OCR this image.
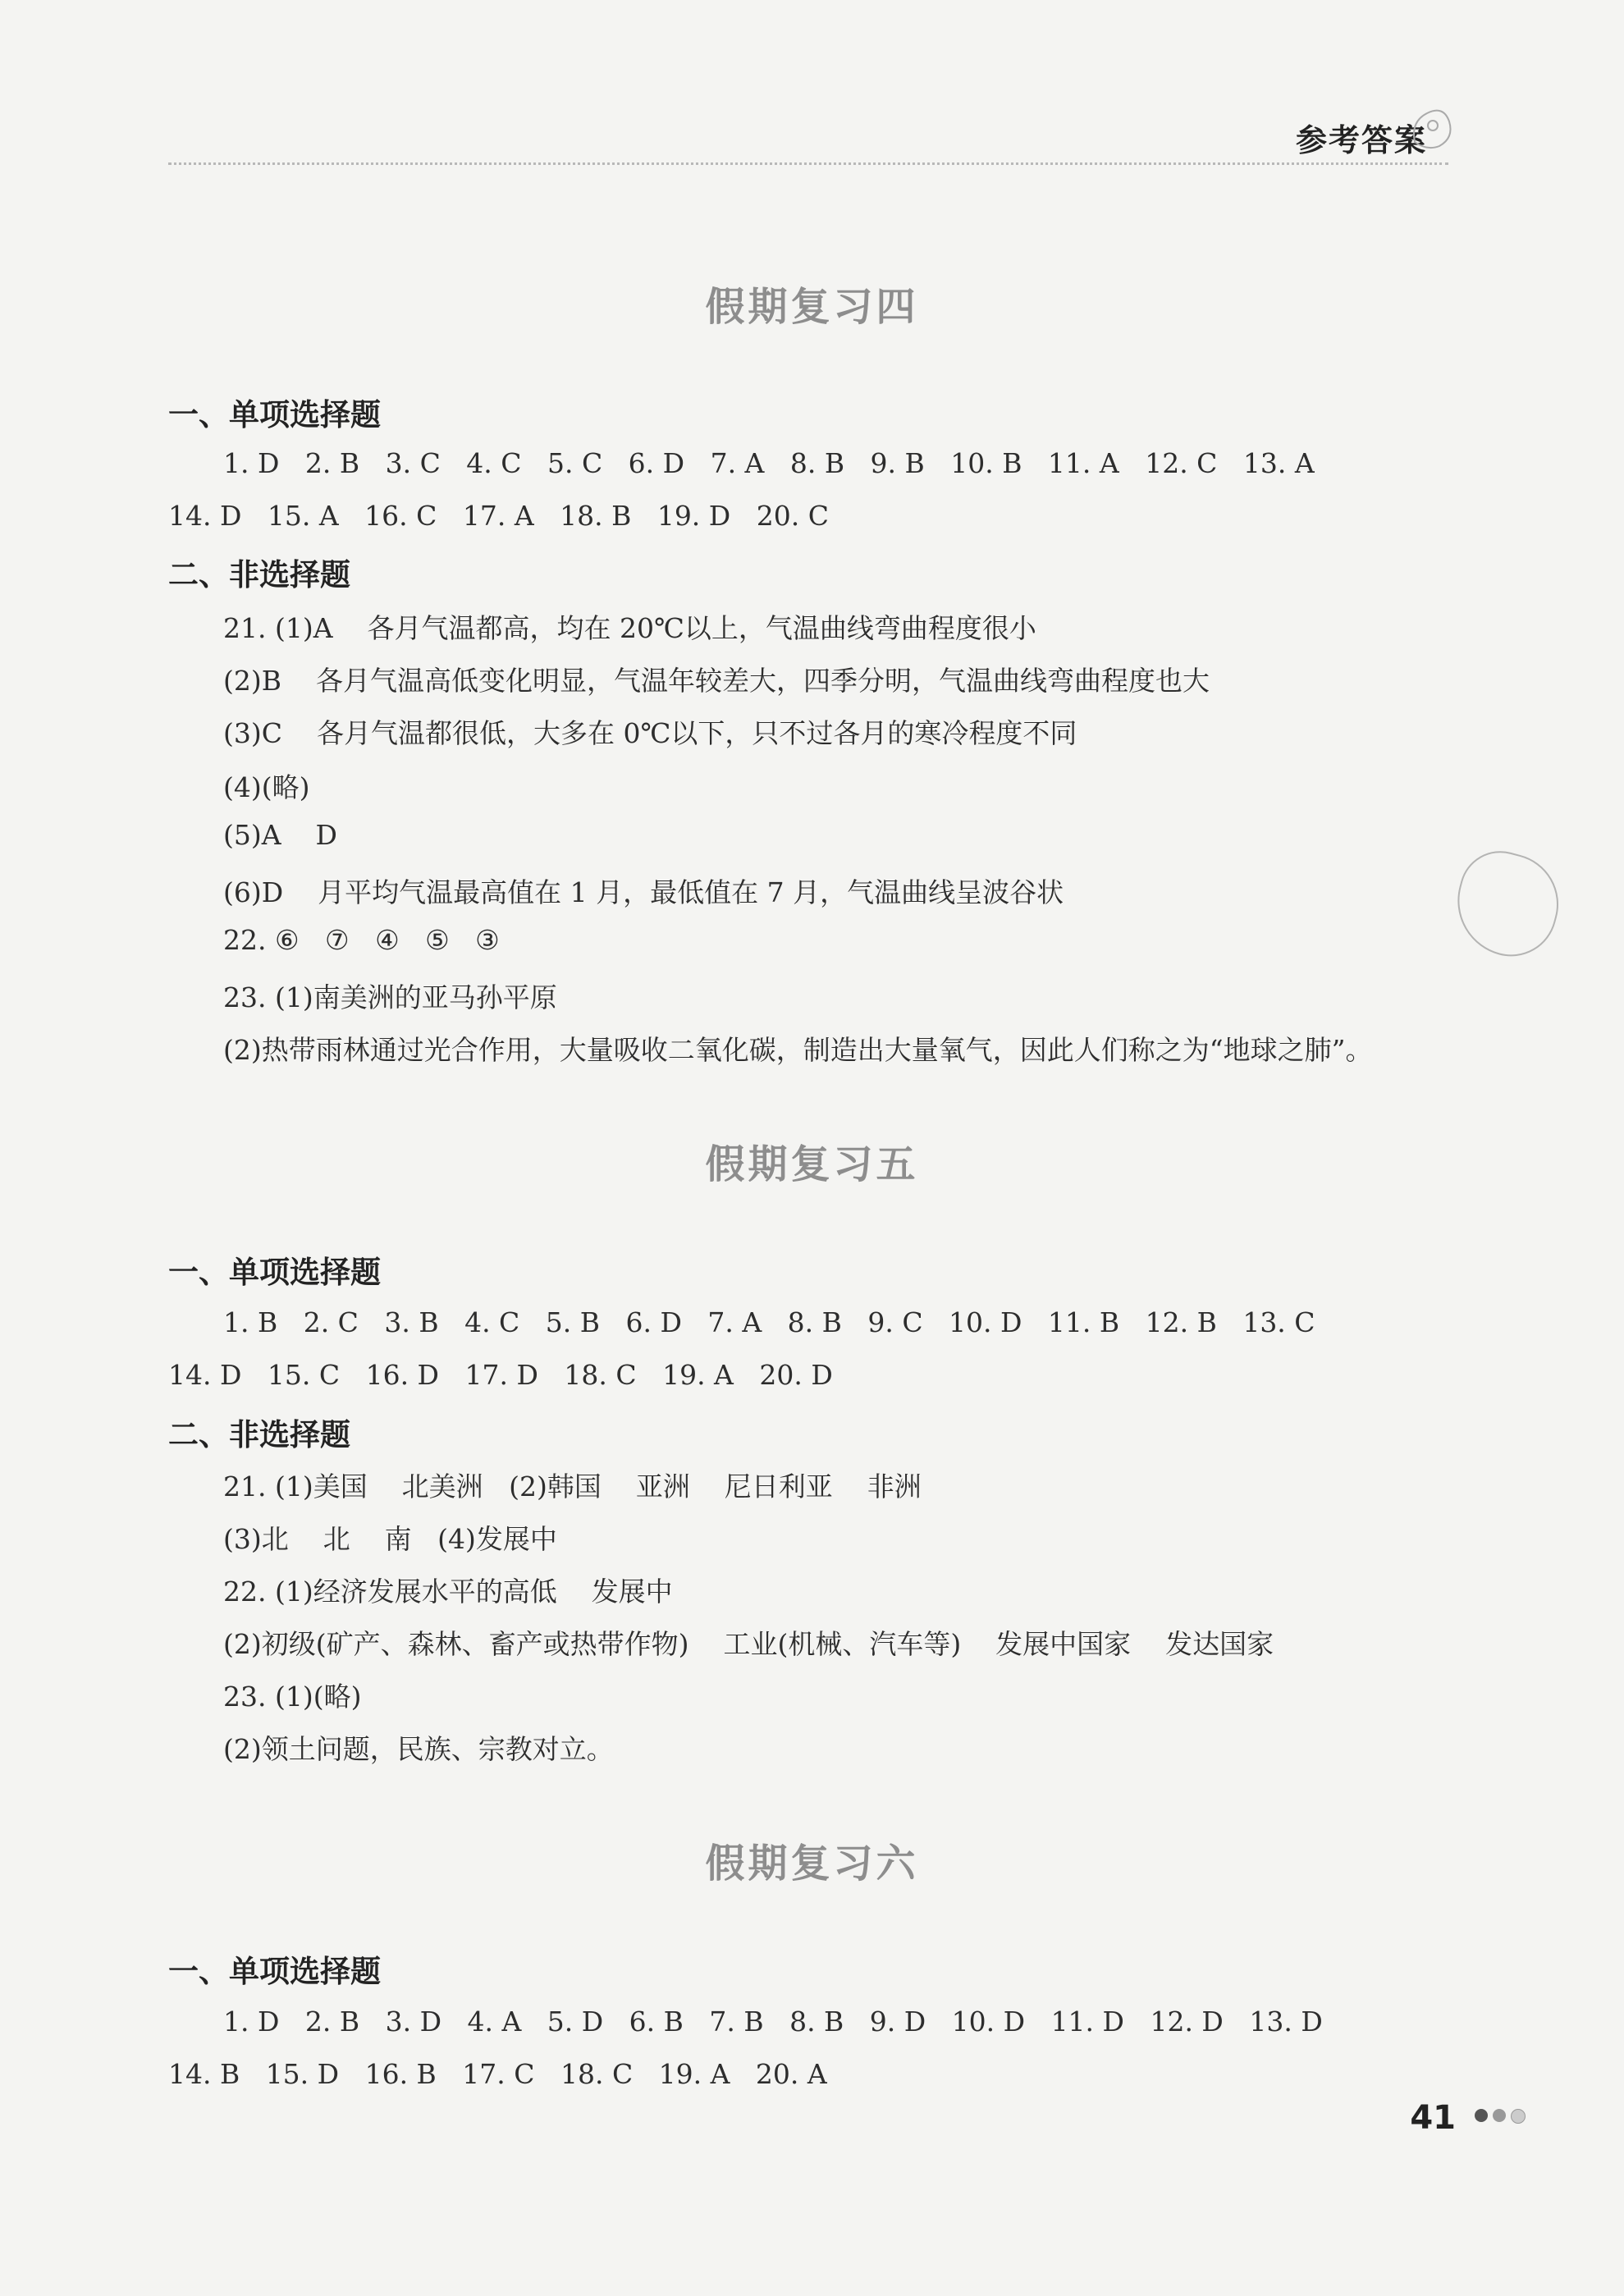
参考答案
假期复习四
一、单项选择题
1. D   2. B   3. C   4. C   5. C   6. D   7. A   8. B   9. B   10. B   11. A   12. C   13. A
14. D   15. A   16. C   17. A   18. B   19. D   20. C
二、非选择题
21. (1)A    各月气温都高，均在 20℃以上，气温曲线弯曲程度很小
(2)B    各月气温高低变化明显，气温年较差大，四季分明，气温曲线弯曲程度也大
(3)C    各月气温都很低，大多在 0℃以下，只不过各月的寒冷程度不同
(4)(略)
(5)A    D
(6)D    月平均气温最高值在 1 月，最低值在 7 月，气温曲线呈波谷状
22. ⑥   ⑦   ④   ⑤   ③
23. (1)南美洲的亚马孙平原
(2)热带雨林通过光合作用，大量吸收二氧化碳，制造出大量氧气，因此人们称之为“地球之肺”。
假期复习五
一、单项选择题
1. B   2. C   3. B   4. C   5. B   6. D   7. A   8. B   9. C   10. D   11. B   12. B   13. C
14. D   15. C   16. D   17. D   18. C   19. A   20. D
二、非选择题
21. (1)美国    北美洲   (2)韩国    亚洲    尼日利亚    非洲
(3)北    北    南   (4)发展中
22. (1)经济发展水平的高低    发展中
(2)初级(矿产、森林、畜产或热带作物)    工业(机械、汽车等)    发展中国家    发达国家
23. (1)(略)
(2)领土问题，民族、宗教对立。
假期复习六
一、单项选择题
1. D   2. B   3. D   4. A   5. D   6. B   7. B   8. B   9. D   10. D   11. D   12. D   13. D
14. B   15. D   16. B   17. C   18. C   19. A   20. A
41
